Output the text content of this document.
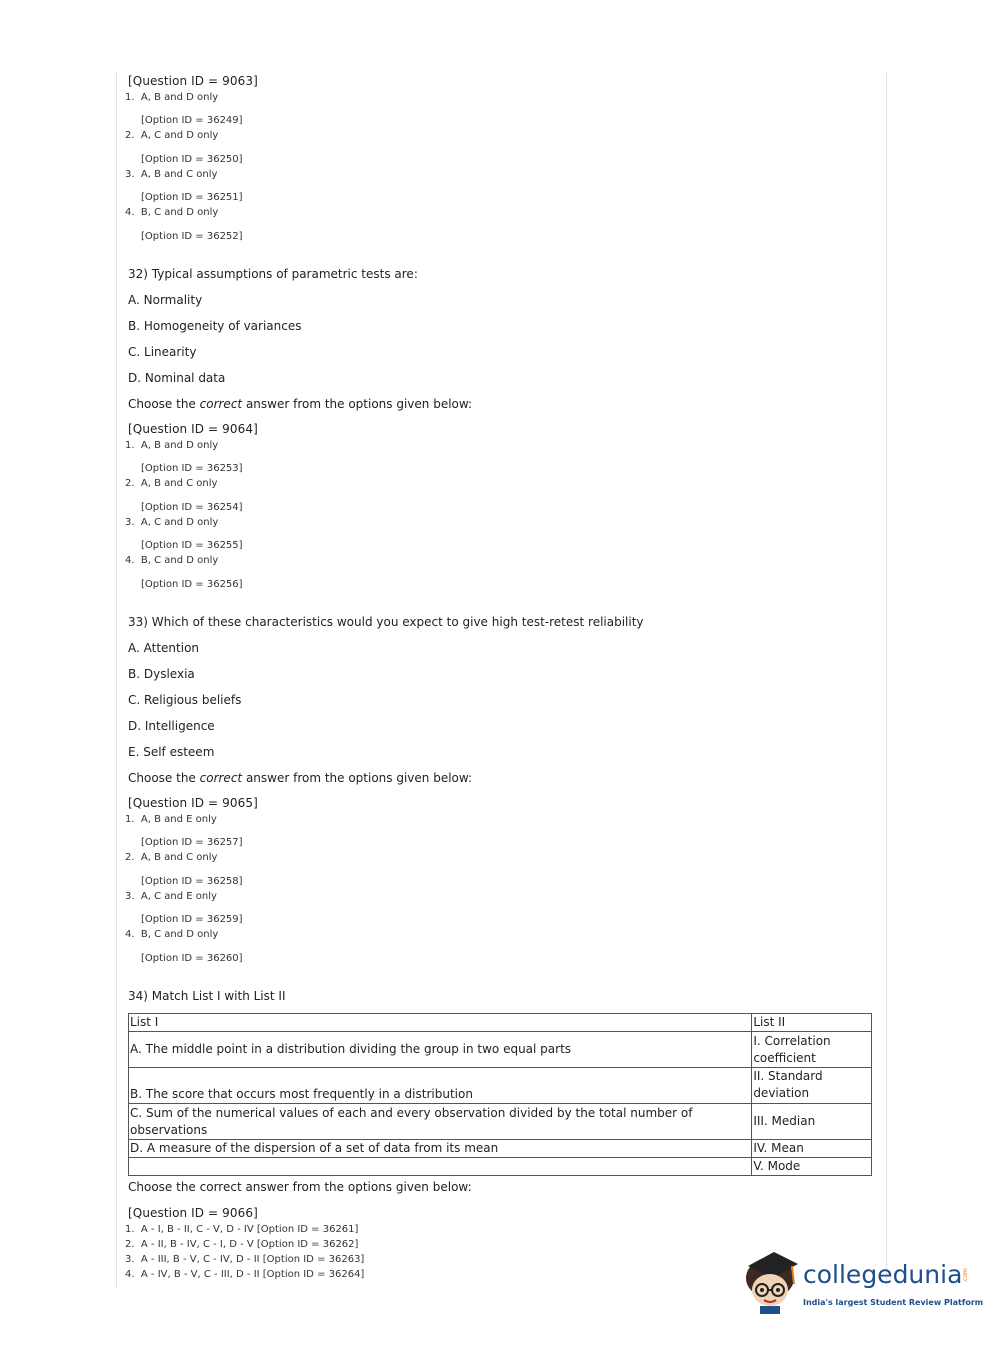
[Question ID = 9063]
1. A, B and D only
[Option ID = 36249]
2. A, C and D only
[Option ID = 36250]
3. A, B and C only
[Option ID = 36251]
4. B, C and D only
[Option ID = 36252]
32) Typical assumptions of parametric tests are:
A. Normality
B. Homogeneity of variances
C. Linearity
D. Nominal data
Choose the correct answer from the options given below:
[Question ID = 9064]
1. A, B and D only
[Option ID = 36253]
2. A, B and C only
[Option ID = 36254]
3. A, C and D only
[Option ID = 36255]
4. B, C and D only
[Option ID = 36256]
33) Which of these characteristics would you expect to give high test-retest reliability
A. Attention
B. Dyslexia
C. Religious beliefs
D. Intelligence
E. Self esteem
Choose the correct answer from the options given below:
[Question ID = 9065]
1. A, B and E only
[Option ID = 36257]
2. A, B and C only
[Option ID = 36258]
3. A, C and E only
[Option ID = 36259]
4. B, C and D only
[Option ID = 36260]
34) Match List I with List II
List I	List II
A. The middle point in a distribution dividing the group in two equal parts	I. Correlation coefficient
B. The score that occurs most frequently in a distribution	II. Standard deviation
C. Sum of the numerical values of each and every observation divided by the total number of observations	III. Median
D. A measure of the dispersion of a set of data from its mean	IV. Mean
	V. Mode
Choose the correct answer from the options given below:
[Question ID = 9066]
1. A - I, B - II, C - V, D - IV [Option ID = 36261]
2. A - II, B - IV, C - I, D - V [Option ID = 36262]
3. A - III, B - V, C - IV, D - II [Option ID = 36263]
4. A - IV, B - V, C - III, D - II [Option ID = 36264]	collegedunia .com
India's largest Student Review Platform
